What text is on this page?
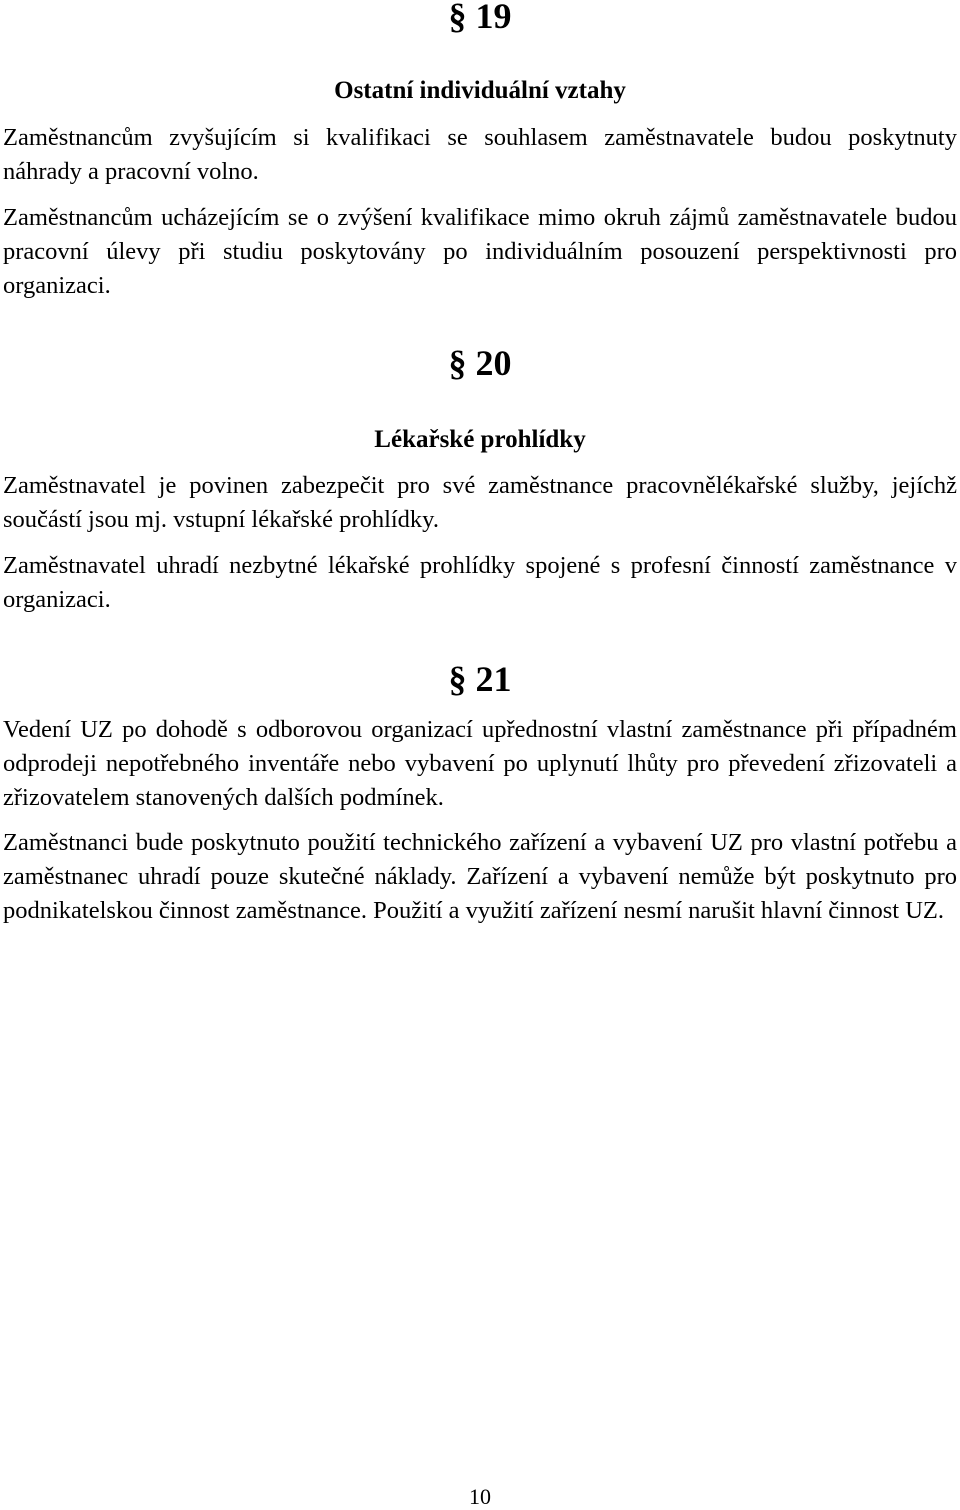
§ 19
Ostatní individuální vztahy

Zaměstnancům zvyšujícím si kvalifikaci se souhlasem zaměstnavatele budou poskytnuty náhrady a pracovní volno.

Zaměstnancům ucházejícím se o zvýšení kvalifikace mimo okruh zájmů zaměstnavatele budou pracovní úlevy při studiu poskytovány po individuálním posouzení perspektivnosti pro organizaci.

§ 20
Lékařské prohlídky

Zaměstnavatel je povinen zabezpečit pro své zaměstnance pracovnělékařské služby, jejíchž součástí jsou mj. vstupní lékařské prohlídky.

Zaměstnavatel uhradí nezbytné lékařské prohlídky spojené s profesní činností zaměstnance v organizaci.

§ 21

Vedení UZ po dohodě s odborovou organizací upřednostní vlastní zaměstnance při případném odprodeji nepotřebného inventáře nebo vybavení po uplynutí lhůty pro převedení zřizovateli a zřizovatelem stanovených dalších podmínek.

Zaměstnanci bude poskytnuto použití technického zařízení a vybavení UZ pro vlastní potřebu a zaměstnanec uhradí pouze skutečné náklady. Zařízení a vybavení nemůže být poskytnuto pro podnikatelskou činnost zaměstnance. Použití a využití zařízení nesmí narušit hlavní činnost UZ.

10
